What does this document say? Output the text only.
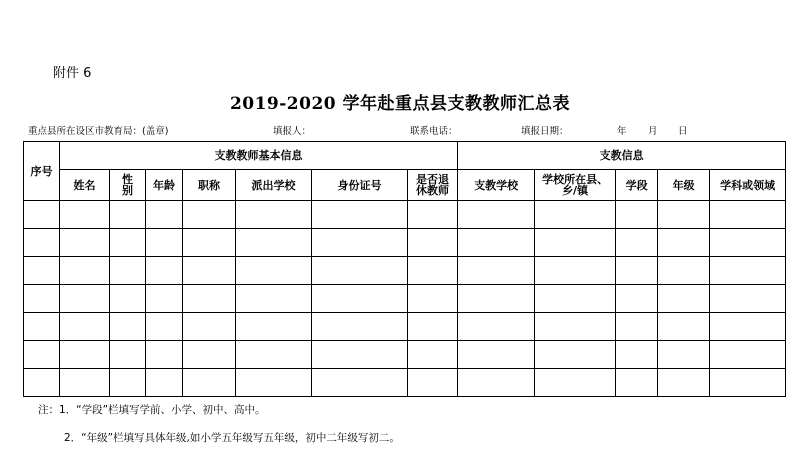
附件 6
2019-2020 学年赴重点县支教教师汇总表
重点县所在设区市教育局：(盖章)	填报人：	联系电话：	填报日期：	年 月 日
序号	支教教师基本信息							支教信息				
	姓名	性别	年龄	职称	派出学校	身份证号	是否退休教师	支教学校	学校所在县、乡/镇	学段	年级	学科或领域

注：1．“学段”栏填写学前、小学、初中、高中。
2．“年级”栏填写具体年级,如小学五年级写五年级，初中二年级写初二。
